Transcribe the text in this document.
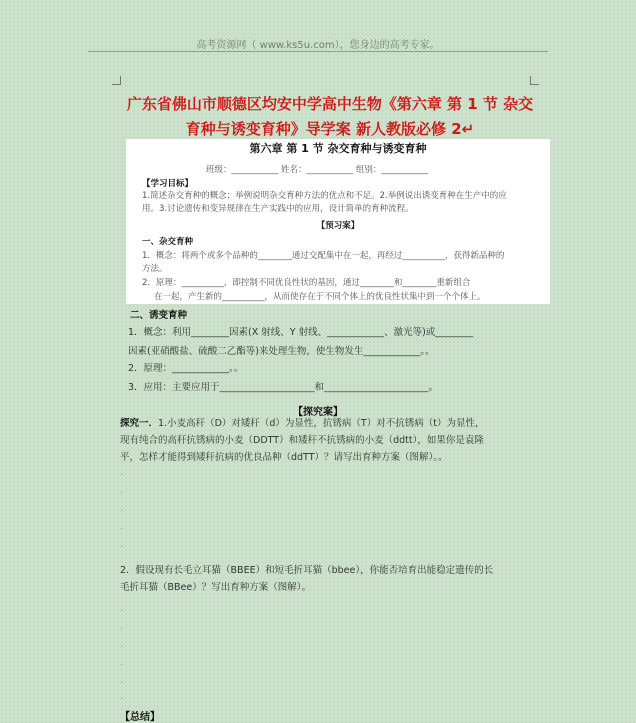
高考资源网（ www.ks5u.com），您身边的高考专家。
广东省佛山市顺德区均安中学高中生物《第六章 第 1 节 杂交
育种与诱变育种》导学案 新人教版必修 2↵
第六章 第 1 节 杂交育种与诱变育种
班级：___________ 姓名：___________ 组别：___________
【学习目标】
1.简述杂交育种的概念；举例说明杂交育种方法的优点和不足。2.举例说出诱变育种在生产中的应
用。3.讨论遗传和变异规律在生产实践中的应用，设计简单的育种流程。
【预习案】
一、杂交育种
1．概念：将两个或多个品种的________通过交配集中在一起，再经过__________，获得新品种的
方法。
2．原理：__________，即控制不同优良性状的基因，通过________和________重新组合
在一起，产生新的__________，从而使存在于不同个体上的优良性状集中到一个个体上。
二、诱变育种
1．概念：利用________因素(X 射线、Y 射线、____________、激光等)或________
因素(亚硝酸盐、硫酸二乙酯等)来处理生物，使生物发生____________。。
2．原理：____________。。
3．应用：主要应用于____________________和______________________。
【探究案】
探究一．1.小麦高秆（D）对矮秆（d）为显性，抗锈病（T）对不抗锈病（t）为显性，
现有纯合的高秆抗锈病的小麦（DDTT）和矮秆不抗锈病的小麦（ddtt），如果你是袁隆
平，怎样才能得到矮秆抗病的优良品种（ddTT）？请写出育种方案（图解）。。
.
.
.
.
.
2．假设现有长毛立耳猫（BBEE）和短毛折耳猫（bbee），你能否培育出能稳定遗传的长
毛折耳猫（BBee）？写出育种方案（图解）。
.
.
.
.
.
.
【总结】
